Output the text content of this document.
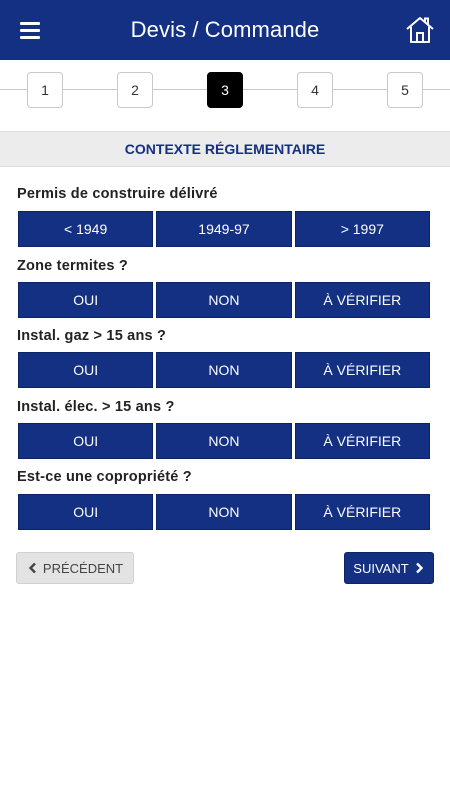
Devis / Commande
1	2	3	4	5
CONTEXTE RÉGLEMENTAIRE
Permis de construire délivré
< 1949	1949-97	> 1997
Zone termites ?
OUI	NON	À VÉRIFIER
Instal. gaz > 15 ans ?
OUI	NON	À VÉRIFIER
Instal. élec. > 15 ans ?
OUI	NON	À VÉRIFIER
Est-ce une copropriété ?
OUI	NON	À VÉRIFIER
PRÉCÉDENT	SUIVANT
